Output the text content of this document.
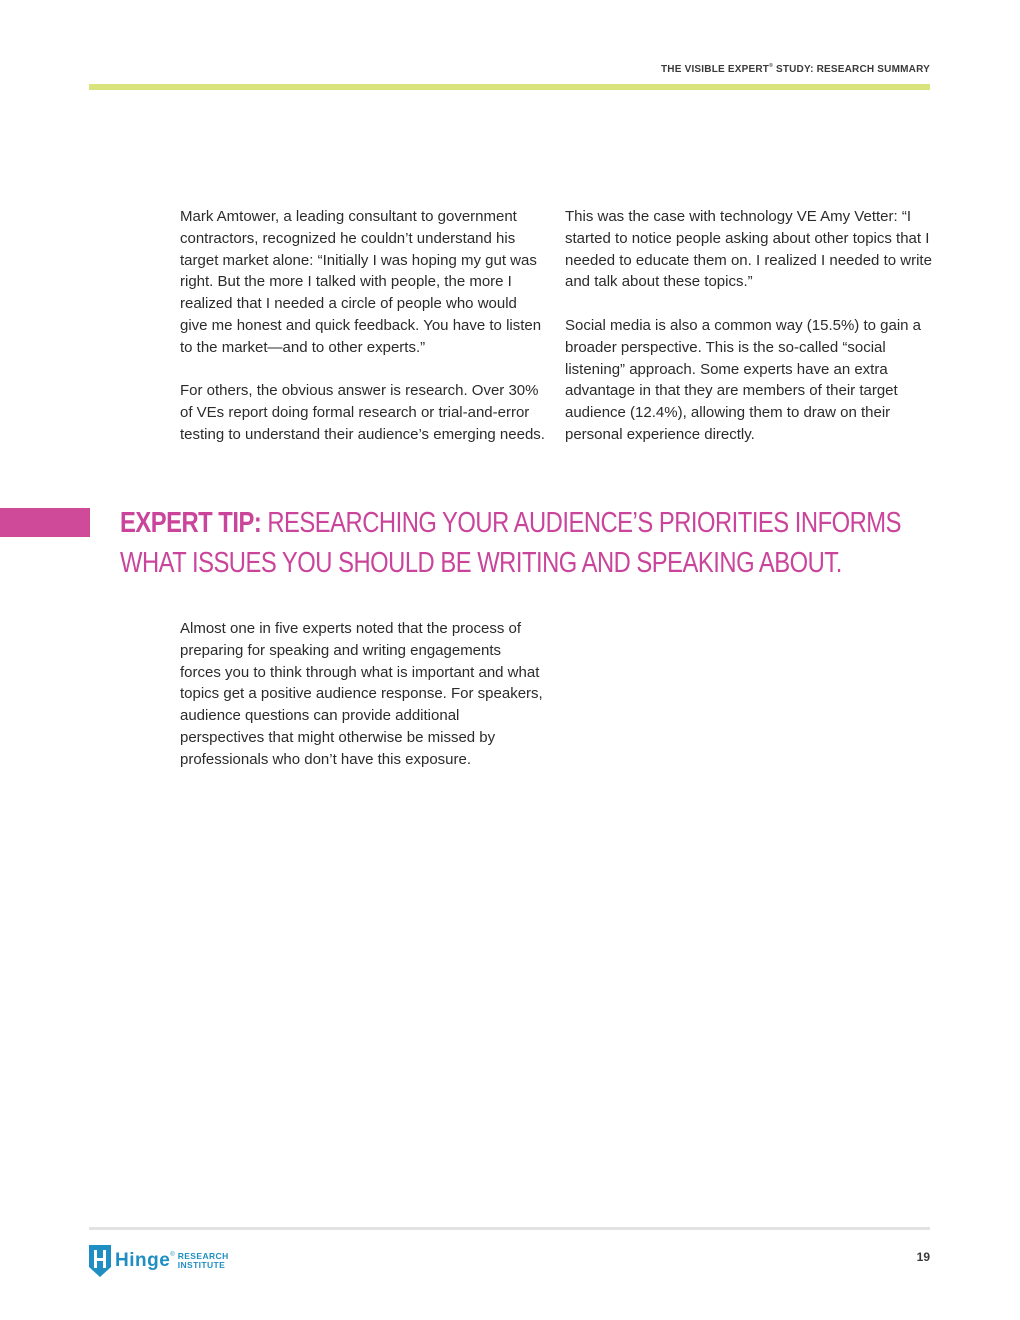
THE VISIBLE EXPERT® STUDY: RESEARCH SUMMARY

Mark Amtower, a leading consultant to government contractors, recognized he couldn’t understand his target market alone: “Initially I was hoping my gut was right. But the more I talked with people, the more I realized that I needed a circle of people who would give me honest and quick feedback. You have to listen to the market—and to other experts.”

For others, the obvious answer is research. Over 30% of VEs report doing formal research or trial-and-error testing to understand their audience’s emerging needs.

This was the case with technology VE Amy Vetter: “I started to notice people asking about other topics that I needed to educate them on. I realized I needed to write and talk about these topics.”

Social media is also a common way (15.5%) to gain a broader perspective. This is the so-called “social listening” approach. Some experts have an extra advantage in that they are members of their target audience (12.4%), allowing them to draw on their personal experience directly.

EXPERT TIP: RESEARCHING YOUR AUDIENCE’S PRIORITIES INFORMS
WHAT ISSUES YOU SHOULD BE WRITING AND SPEAKING ABOUT.

Almost one in five experts noted that the process of preparing for speaking and writing engagements forces you to think through what is important and what topics get a positive audience response. For speakers, audience questions can provide additional perspectives that might otherwise be missed by professionals who don’t have this exposure.

Hinge ® RESEARCH
INSTITUTE
19
